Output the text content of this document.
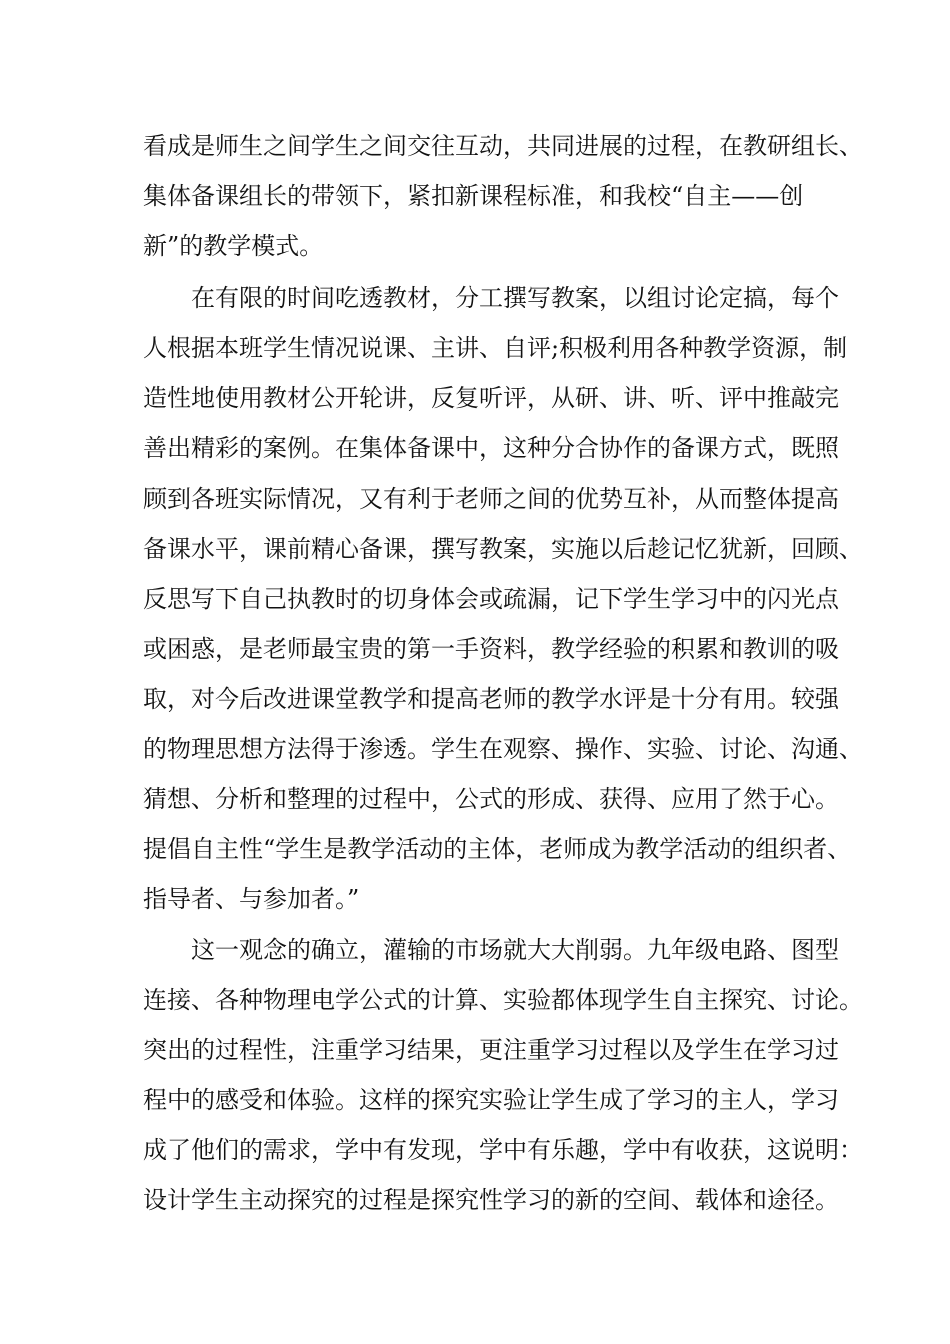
看成是师生之间学生之间交往互动，共同进展的过程，在教研组长、
集体备课组长的带领下，紧扣新课程标准，和我校“自主——创
新”的教学模式。
在有限的时间吃透教材，分工撰写教案，以组讨论定搞，每个
人根据本班学生情况说课、主讲、自评;积极利用各种教学资源，制
造性地使用教材公开轮讲，反复听评，从研、讲、听、评中推敲完
善出精彩的案例。在集体备课中，这种分合协作的备课方式，既照
顾到各班实际情况，又有利于老师之间的优势互补，从而整体提高
备课水平，课前精心备课，撰写教案，实施以后趁记忆犹新，回顾、
反思写下自己执教时的切身体会或疏漏，记下学生学习中的闪光点
或困惑，是老师最宝贵的第一手资料，教学经验的积累和教训的吸
取，对今后改进课堂教学和提高老师的教学水评是十分有用。较强
的物理思想方法得于渗透。学生在观察、操作、实验、讨论、沟通、
猜想、分析和整理的过程中，公式的形成、获得、应用了然于心。
提倡自主性“学生是教学活动的主体，老师成为教学活动的组织者、
指导者、与参加者。”
这一观念的确立，灌输的市场就大大削弱。九年级电路、图型
连接、各种物理电学公式的计算、实验都体现学生自主探究、讨论。
突出的过程性，注重学习结果，更注重学习过程以及学生在学习过
程中的感受和体验。这样的探究实验让学生成了学习的主人，学习
成了他们的需求，学中有发现，学中有乐趣，学中有收获，这说明：
设计学生主动探究的过程是探究性学习的新的空间、载体和途径。
